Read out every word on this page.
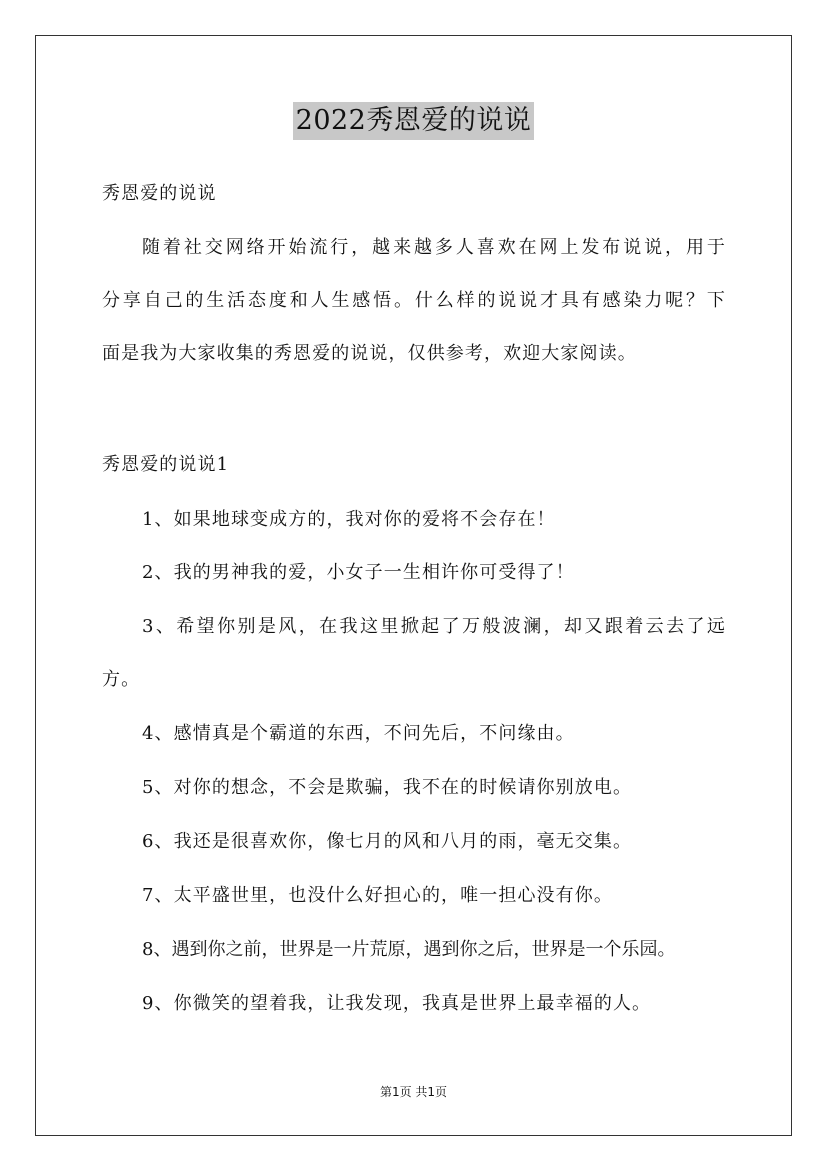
2022秀恩爱的说说
秀恩爱的说说
随着社交网络开始流行，越来越多人喜欢在网上发布说说，用于
分享自己的生活态度和人生感悟。什么样的说说才具有感染力呢？下
面是我为大家收集的秀恩爱的说说，仅供参考，欢迎大家阅读。
秀恩爱的说说1
1、如果地球变成方的，我对你的爱将不会存在！
2、我的男神我的爱，小女子一生相许你可受得了！
3、希望你别是风，在我这里掀起了万般波澜，却又跟着云去了远
方。
4、感情真是个霸道的东西，不问先后，不问缘由。
5、对你的想念，不会是欺骗，我不在的时候请你别放电。
6、我还是很喜欢你，像七月的风和八月的雨，毫无交集。
7、太平盛世里，也没什么好担心的，唯一担心没有你。
8、遇到你之前，世界是一片荒原，遇到你之后，世界是一个乐园。
9、你微笑的望着我，让我发现，我真是世界上最幸福的人。
第1页 共1页
